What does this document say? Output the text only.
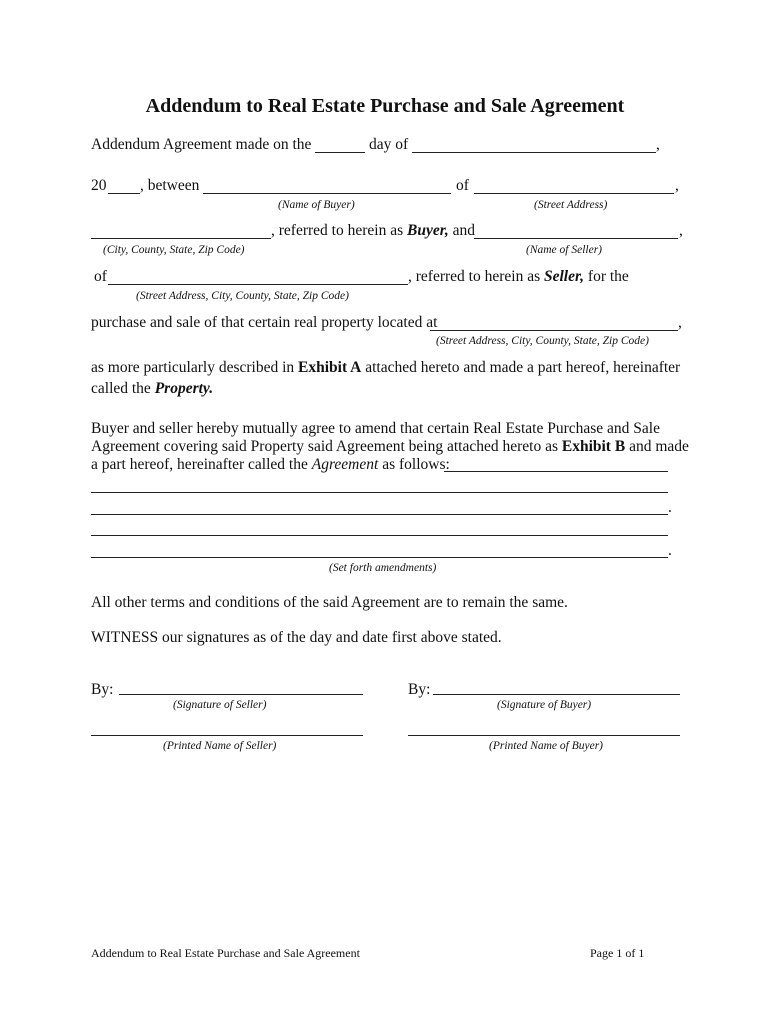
Addendum to Real Estate Purchase and Sale Agreement
Addendum Agreement made on the	day of	,
20 , between	of	,
(Name of Buyer)	(Street Address)
, referred to herein as Buyer, and	,
(City, County, State, Zip Code)	(Name of Seller)
of	, referred to herein as Seller, for the
(Street Address, City, County, State, Zip Code)
purchase and sale of that certain real property located at	,
(Street Address, City, County, State, Zip Code)
as more particularly described in Exhibit A attached hereto and made a part hereof, hereinafter
called the Property.
Buyer and seller hereby mutually agree to amend that certain Real Estate Purchase and Sale
Agreement covering said Property said Agreement being attached hereto as Exhibit B and made
a part hereof, hereinafter called the Agreement as follows:
.
.
(Set forth amendments)
All other terms and conditions of the said Agreement are to remain the same.
WITNESS our signatures as of the day and date first above stated.
By:
(Signature of Seller)
By:
(Signature of Buyer)
(Printed Name of Seller)	(Printed Name of Buyer)
Addendum to Real Estate Purchase and Sale Agreement	Page 1 of 1
